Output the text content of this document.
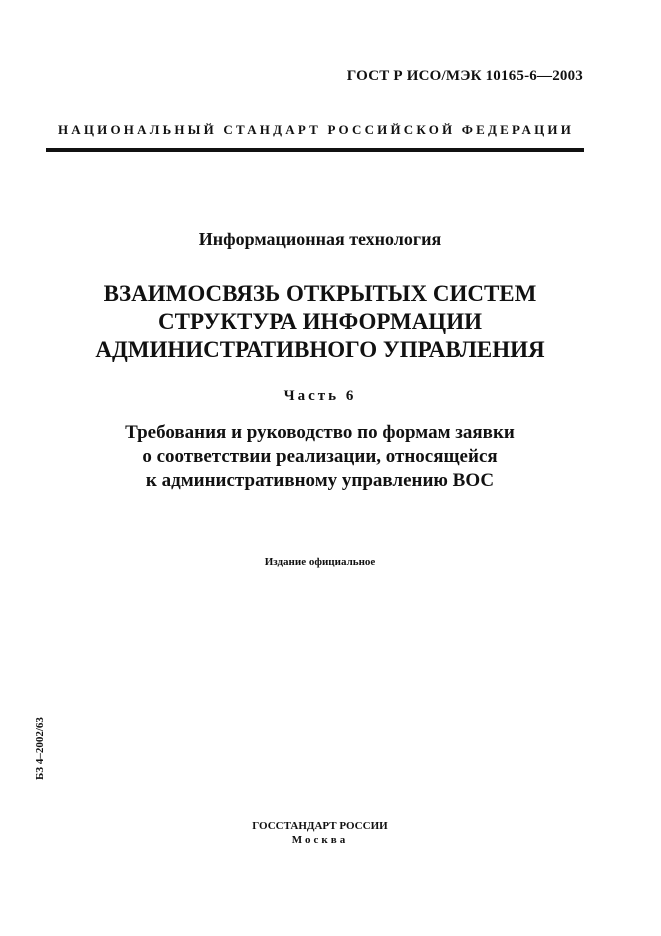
ГОСТ Р ИСО/МЭК 10165-6—2003
НАЦИОНАЛЬНЫЙ СТАНДАРТ РОССИЙСКОЙ ФЕДЕРАЦИИ
Информационная технология
ВЗАИМОСВЯЗЬ ОТКРЫТЫХ СИСТЕМ
СТРУКТУРА ИНФОРМАЦИИ
АДМИНИСТРАТИВНОГО УПРАВЛЕНИЯ
Часть 6
Требования и руководство по формам заявки
о соответствии реализации, относящейся
к административному управлению ВОС
Издание официальное
БЗ 4–2002/63
ГОССТАНДАРТ РОССИИ
Москва
